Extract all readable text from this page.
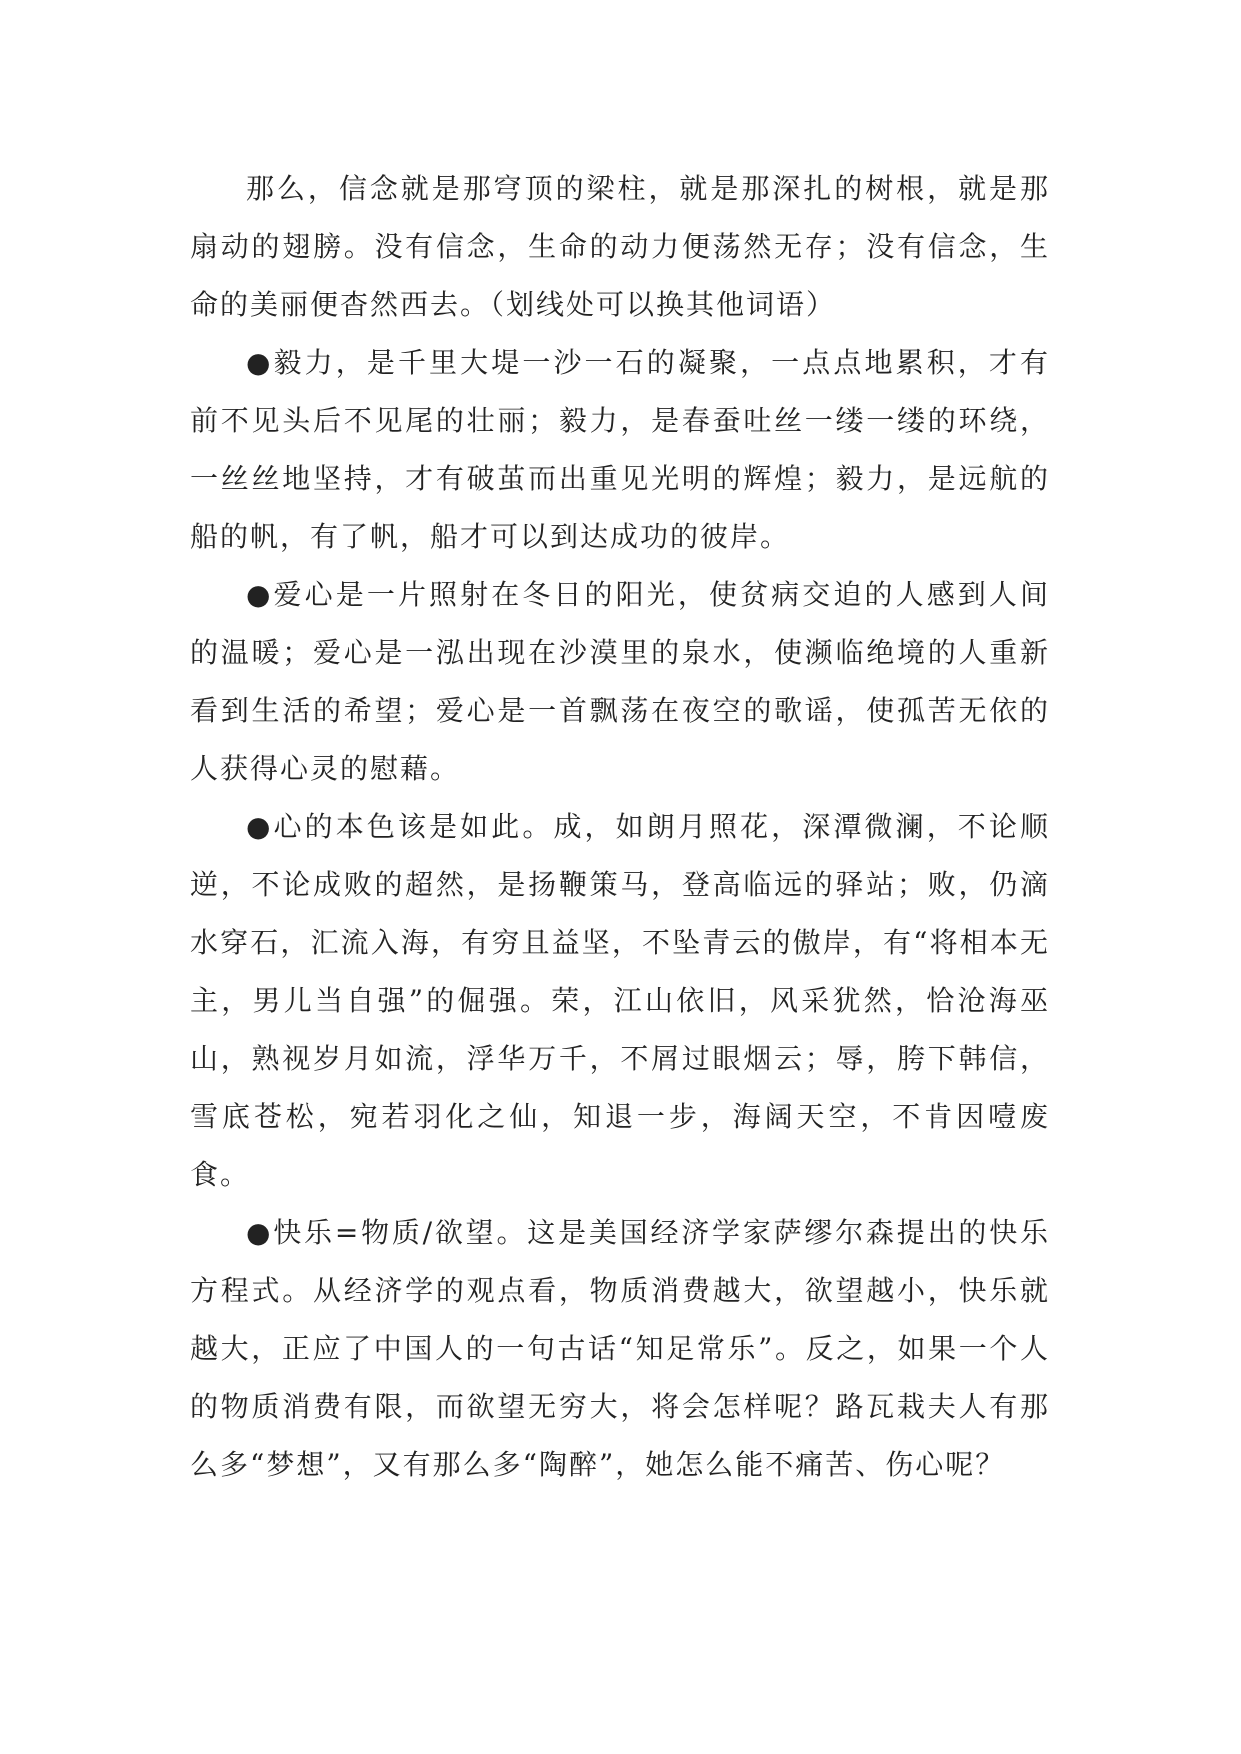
那么，信念就是那穹顶的梁柱，就是那深扎的树根，就是那扇动的翅膀。没有信念，生命的动力便荡然无存；没有信念，生命的美丽便杳然西去。（划线处可以换其他词语）

●毅力，是千里大堤一沙一石的凝聚，一点点地累积，才有前不见头后不见尾的壮丽；毅力，是春蚕吐丝一缕一缕的环绕，一丝丝地坚持，才有破茧而出重见光明的辉煌；毅力，是远航的船的帆，有了帆，船才可以到达成功的彼岸。

●爱心是一片照射在冬日的阳光，使贫病交迫的人感到人间的温暖；爱心是一泓出现在沙漠里的泉水，使濒临绝境的人重新看到生活的希望；爱心是一首飘荡在夜空的歌谣，使孤苦无依的人获得心灵的慰藉。

●心的本色该是如此。成，如朗月照花，深潭微澜，不论顺逆，不论成败的超然，是扬鞭策马，登高临远的驿站；败，仍滴水穿石，汇流入海，有穷且益坚，不坠青云的傲岸，有“将相本无主，男儿当自强”的倔强。荣，江山依旧，风采犹然，恰沧海巫山，熟视岁月如流，浮华万千，不屑过眼烟云；辱，胯下韩信，雪底苍松，宛若羽化之仙，知退一步，海阔天空，不肯因噎废食。

●快乐=物质/欲望。这是美国经济学家萨缪尔森提出的快乐方程式。从经济学的观点看，物质消费越大，欲望越小，快乐就越大，正应了中国人的一句古话“知足常乐”。反之，如果一个人的物质消费有限，而欲望无穷大，将会怎样呢？路瓦栽夫人有那么多“梦想”，又有那么多“陶醉”，她怎么能不痛苦、伤心呢？
